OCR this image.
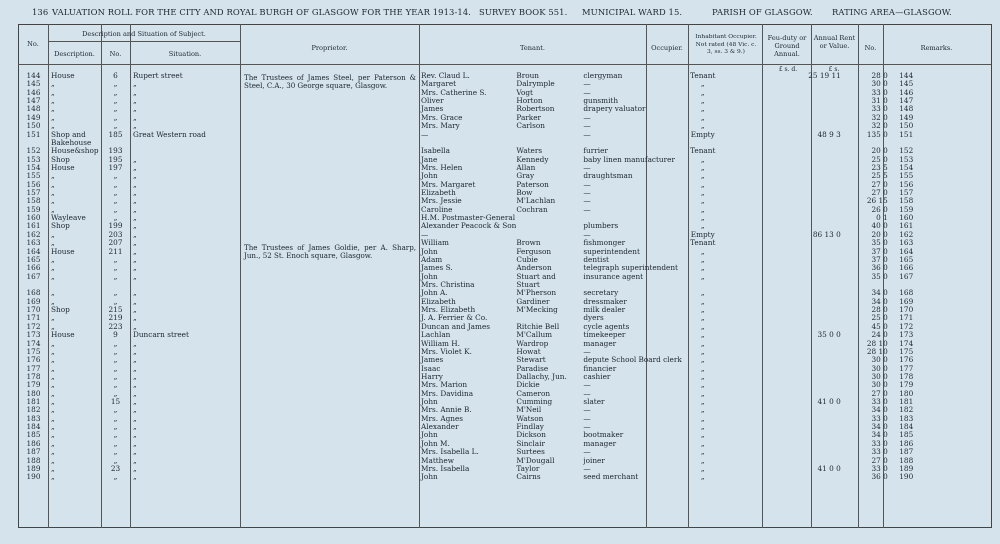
136 VALUATION ROLL FOR THE CITY AND ROYAL BURGH OF GLASGOW FOR THE YEAR 1913-14. SURVEY BOOK 551. MUNICIPAL WARD 15.	PARISH OF GLASGOW. RATING AREA—GLASGOW.
No.
Description and Situation of Subject.
Description.	No.	Situation.
Proprietor.	Tenant.	Occupier.
Inhabitant Occupier. Not rated (48 Vic. c. 3, ss. 3 & 9.)
Feu-duty or Ground Annual.
Annual Rent or Value.	No.	Remarks.
£ s. d.	£ s.
The Trustees of James Steel, per Paterson & Steel, C.A., 30 George square, Glasgow.
The Trustees of James Goldie, per A. Sharp, Jun., 52 St. Enoch square, Glasgow.
144	House	6	Rupert street		Rev. Claud L.	Broun	clergyman	Tenant		25 19 11	28 0	144
145	„	„	„		Margaret	Dalrymple	—	„			30 0	145
146	„	„	„		Mrs. Catherine S.	Vogt	—	„			33 0	146
147	„	„	„		Oliver	Horton	gunsmith	„			31 0	147
148	„	„	„		James	Robertson	drapery valuator	„			33 0	148
149	„	„	„		Mrs. Grace	Parker	—	„			32 0	149
150	„	„	„		Mrs. Mary	Carlson	—	„			32 0	150
151	Shop and	185	Great Western road		—		—	Empty		48 9 3	135 0	151
	Bakehouse											
152	House&shop	193			Isabella	Waters	furrier	Tenant			20 0	152
153	Shop	195	„		Jane	Kennedy	baby linen manufacturer	„			25 0	153
154	House	197	„		Mrs. Helen	Allan	—	„			23 5	154
155	„	„	„		John	Gray	draughtsman	„			25 5	155
156	„	„	„		Mrs. Margaret	Paterson	—	„			27 0	156
157	„	„	„		Elizabeth	Bow	—	„			27 0	157
158	„	„	„		Mrs. Jessie	M'Lachlan	—	„			26 15	158
159	„	„	„		Caroline	Cochran	—	„			26 0	159
160	Wayleave	„	„		H.M. Postmaster-General			„			0 1	160
161	Shop	199	„		Alexander Peacock & Son		plumbers	„			40 0	161
162	„	203	„		—		—	Empty		86 13 0	20 0	162
163	„	207	„		William	Brown	fishmonger	Tenant			35 0	163
164	House	211	„		John	Ferguson	superintendent	„			37 0	164
165	„	„	„		Adam	Cubie	dentist	„			37 0	165
166	„	„	„		James S.	Anderson	telegraph superintendent	„			36 0	166
167	„	„	„		John	Stuart and	insurance agent	„			35 0	167
					Mrs. Christina	Stuart						
168	„	„	„		John A.	M'Pherson	secretary	„			34 0	168
169	„	„	„		Elizabeth	Gardiner	dressmaker	„			34 0	169
170	Shop	215	„		Mrs. Elizabeth	M'Mecking	milk dealer	„			28 0	170
171	„	219	„		J. A. Ferrier & Co.		dyers	„			25 0	171
172	„	223	„		Duncan and James	Ritchie Bell	cycle agents	„			45 0	172
173	House	9	Duncarn street		Lachlan	M'Callum	timekeeper	„		35 0 0	24 0	173
174	„	„	„		William H.	Wardrop	manager	„			28 10	174
175	„	„	„		Mrs. Violet K.	Howat	—	„			28 10	175
176	„	„	„		James	Stewart	depute School Board clerk	„			30 0	176
177	„	„	„		Isaac	Paradise	financier	„			30 0	177
178	„	„	„		Harry	Dallachy, Jun.	cashier	„			30 0	178
179	„	„	„		Mrs. Marion	Dickie	—	„			30 0	179
180	„	„	„		Mrs. Davidina	Cameron	—	„			27 0	180
181	„	15	„		John	Cumming	slater	„		41 0 0	33 0	181
182	„	„	„		Mrs. Annie B.	M'Neil	—	„			34 0	182
183	„	„	„		Mrs. Agnes	Watson	—	„			33 0	183
184	„	„	„		Alexander	Findlay	—	„			34 0	184
185	„	„	„		John	Dickson	bootmaker	„			34 0	185
186	„	„	„		John M.	Sinclair	manager	„			33 0	186
187	„	„	„		Mrs. Isabella L.	Surtees	—	„			33 0	187
188	„	„	„		Matthew	M'Dougall	joiner	„			27 0	188
189	„	23	„		Mrs. Isabella	Taylor	—	„		41 0 0	33 0	189
190	„	„	„		John	Cairns	seed merchant	„			36 0	190
